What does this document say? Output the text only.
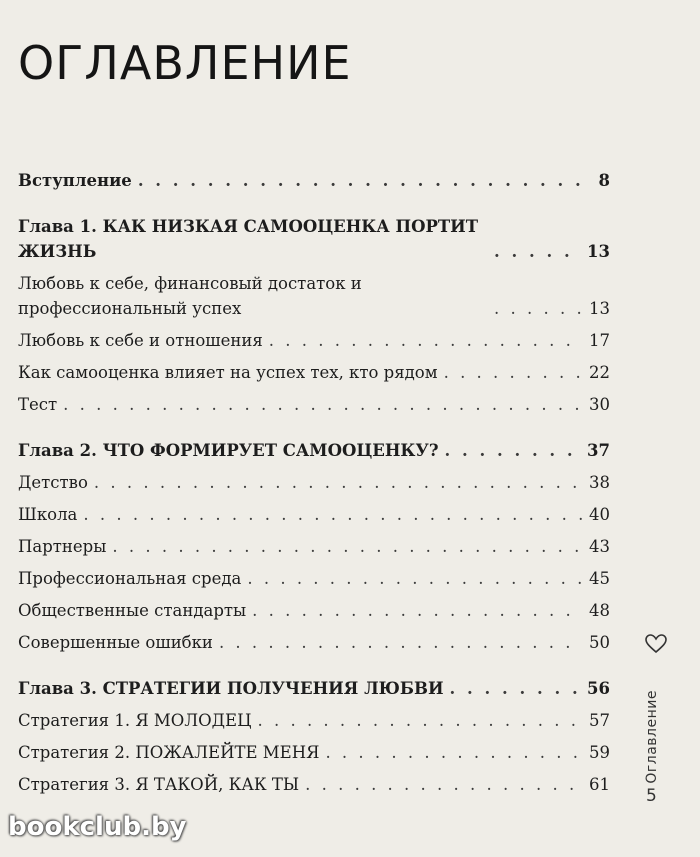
ОГЛАВЛЕНИЕ
Вступление . . .	8
Глава 1. КАК НИЗКАЯ САМООЦЕНКА ПОРТИТ ЖИЗНЬ . . .	13
Любовь к себе, финансовый достаток и профессиональный успех . . .	13
Любовь к себе и отношения . . .	17
Как самооценка влияет на успех тех, кто рядом . . .	22
Тест . . .	30
Глава 2. ЧТО ФОРМИРУЕТ САМООЦЕНКУ? . . .	37
Детство . . .	38
Школа . . .	40
Партнеры . . .	43
Профессиональная среда . . .	45
Общественные стандарты . . .	48
Совершенные ошибки . . .	50
Глава 3. СТРАТЕГИИ ПОЛУЧЕНИЯ ЛЮБВИ . . .	56
Стратегия 1. Я МОЛОДЕЦ . . .	57
Стратегия 2. ПОЖАЛЕЙТЕ МЕНЯ . . .	59
Стратегия 3. Я ТАКОЙ, КАК ТЫ . . .	61
Оглавление
5
bookclub.by
